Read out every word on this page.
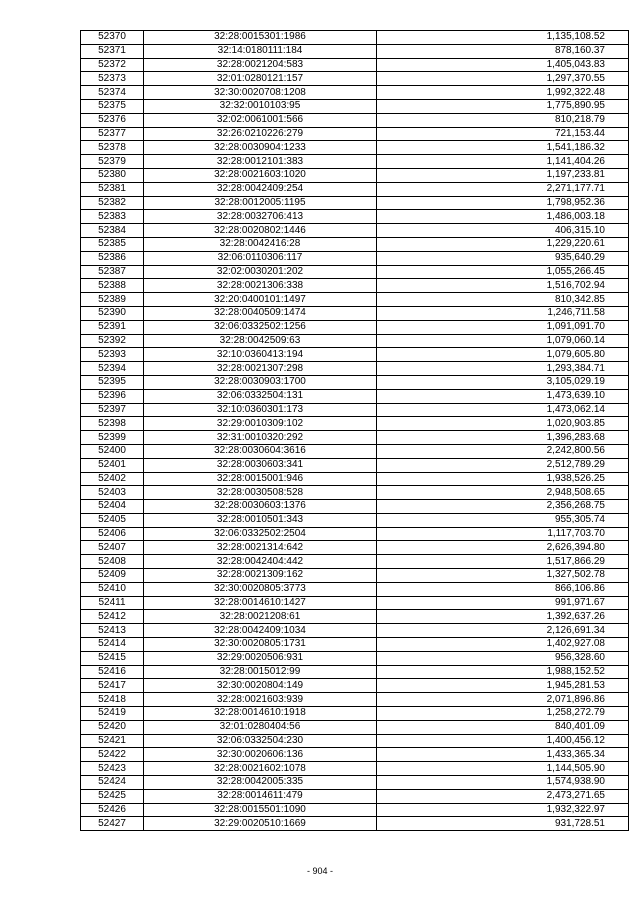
52370	32:28:0015301:1986	1,135,108.52
52371	32:14:0180111:184	878,160.37
52372	32:28:0021204:583	1,405,043.83
52373	32:01:0280121:157	1,297,370.55
52374	32:30:0020708:1208	1,992,322.48
52375	32:32:0010103:95	1,775,890.95
52376	32:02:0061001:566	810,218.79
52377	32:26:0210226:279	721,153.44
52378	32:28:0030904:1233	1,541,186.32
52379	32:28:0012101:383	1,141,404.26
52380	32:28:0021603:1020	1,197,233.81
52381	32:28:0042409:254	2,271,177.71
52382	32:28:0012005:1195	1,798,952.36
52383	32:28:0032706:413	1,486,003.18
52384	32:28:0020802:1446	406,315.10
52385	32:28:0042416:28	1,229,220.61
52386	32:06:0110306:117	935,640.29
52387	32:02:0030201:202	1,055,266.45
52388	32:28:0021306:338	1,516,702.94
52389	32:20:0400101:1497	810,342.85
52390	32:28:0040509:1474	1,246,711.58
52391	32:06:0332502:1256	1,091,091.70
52392	32:28:0042509:63	1,079,060.14
52393	32:10:0360413:194	1,079,605.80
52394	32:28:0021307:298	1,293,384.71
52395	32:28:0030903:1700	3,105,029.19
52396	32:06:0332504:131	1,473,639.10
52397	32:10:0360301:173	1,473,062.14
52398	32:29:0010309:102	1,020,903.85
52399	32:31:0010320:292	1,396,283.68
52400	32:28:0030604:3616	2,242,800.56
52401	32:28:0030603:341	2,512,789.29
52402	32:28:0015001:946	1,938,526.25
52403	32:28:0030508:528	2,948,508.65
52404	32:28:0030603:1376	2,356,268.75
52405	32:28:0010501:343	955,305.74
52406	32:06:0332502:2504	1,117,703.70
52407	32:28:0021314:642	2,626,394.80
52408	32:28:0042404:442	1,517,866.29
52409	32:28:0021309:162	1,327,502.78
52410	32:30:0020805:3773	866,106.86
52411	32:28:0014610:1427	991,971.67
52412	32:28:0021208:61	1,392,637.26
52413	32:28:0042409:1034	2,126,691.34
52414	32:30:0020805:1731	1,402,927.08
52415	32:29:0020506:931	956,328.60
52416	32:28:0015012:99	1,988,152.52
52417	32:30:0020804:149	1,945,281.53
52418	32:28:0021603:939	2,071,896.86
52419	32:28:0014610:1918	1,258,272.79
52420	32:01:0280404:56	840,401.09
52421	32:06:0332504:230	1,400,456.12
52422	32:30:0020606:136	1,433,365.34
52423	32:28:0021602:1078	1,144,505.90
52424	32:28:0042005:335	1,574,938.90
52425	32:28:0014611:479	2,473,271.65
52426	32:28:0015501:1090	1,932,322.97
52427	32:29:0020510:1669	931,728.51
- 904 -
